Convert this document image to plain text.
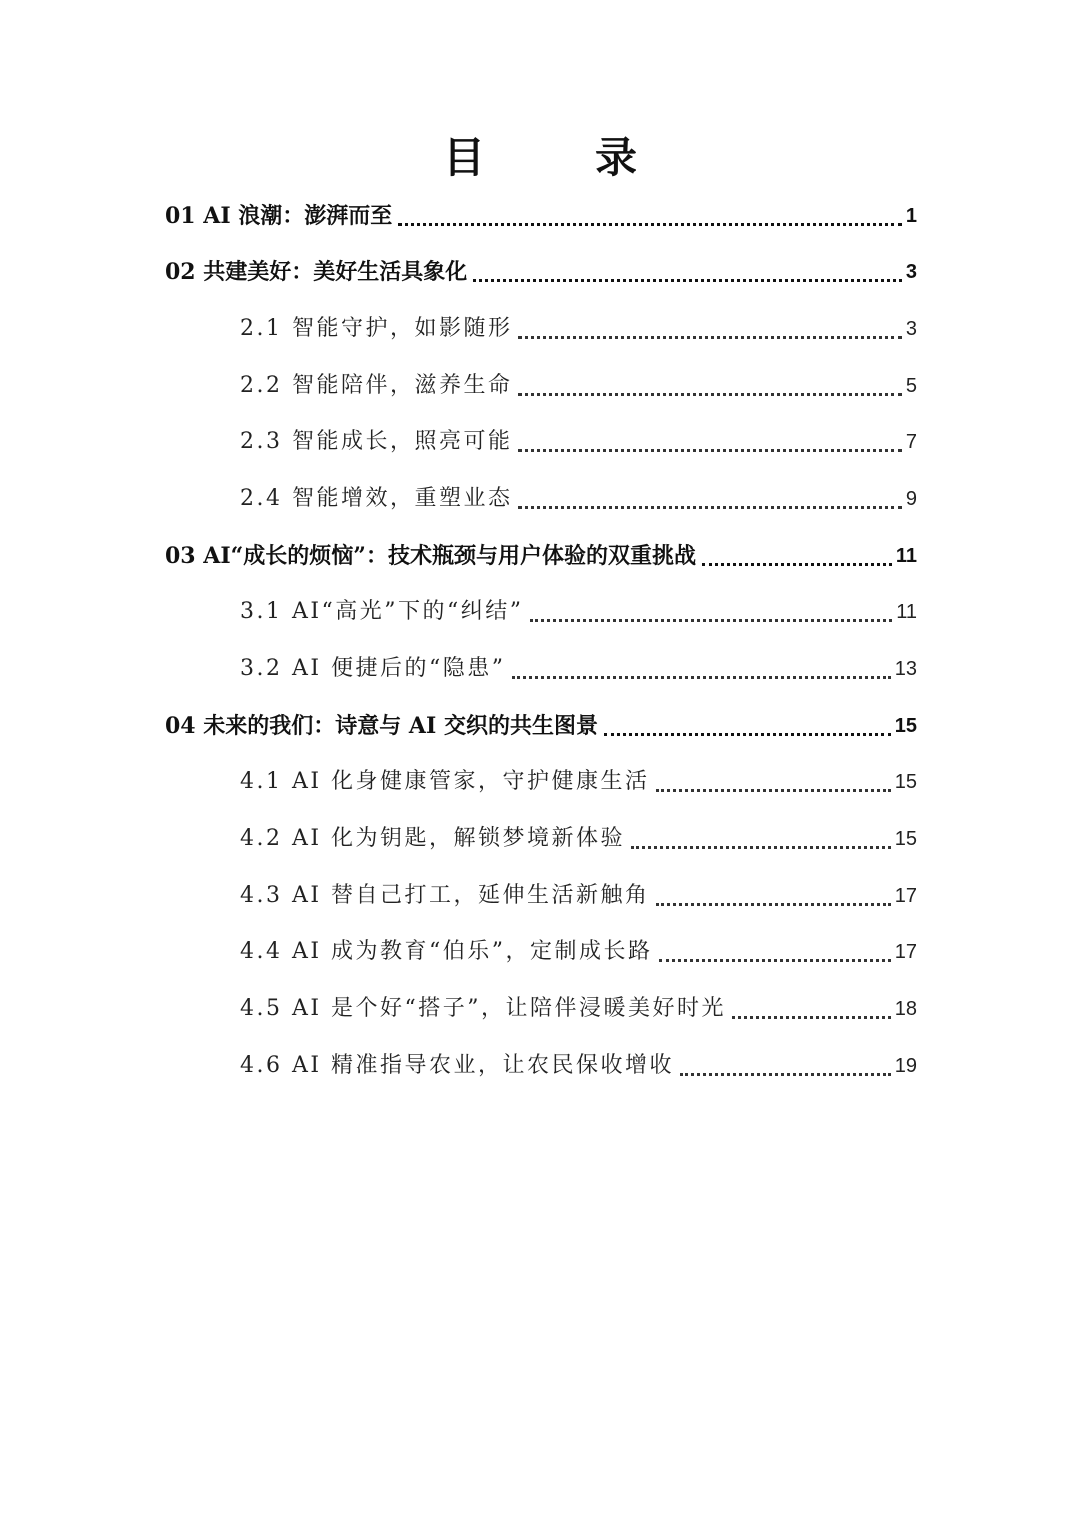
目　录
01 AI 浪潮：澎湃而至	1
02 共建美好：美好生活具象化	3
2.1 智能守护，如影随形	3
2.2 智能陪伴，滋养生命	5
2.3 智能成长，照亮可能	7
2.4 智能增效，重塑业态	9
03 AI“成长的烦恼”：技术瓶颈与用户体验的双重挑战	11
3.1 AI“高光”下的“纠结”	11
3.2 AI 便捷后的“隐患”	13
04 未来的我们：诗意与 AI 交织的共生图景	15
4.1 AI 化身健康管家，守护健康生活	15
4.2 AI 化为钥匙，解锁梦境新体验	15
4.3 AI 替自己打工，延伸生活新触角	17
4.4 AI 成为教育“伯乐”，定制成长路	17
4.5 AI 是个好“搭子”，让陪伴浸暖美好时光	18
4.6 AI 精准指导农业，让农民保收增收	19
